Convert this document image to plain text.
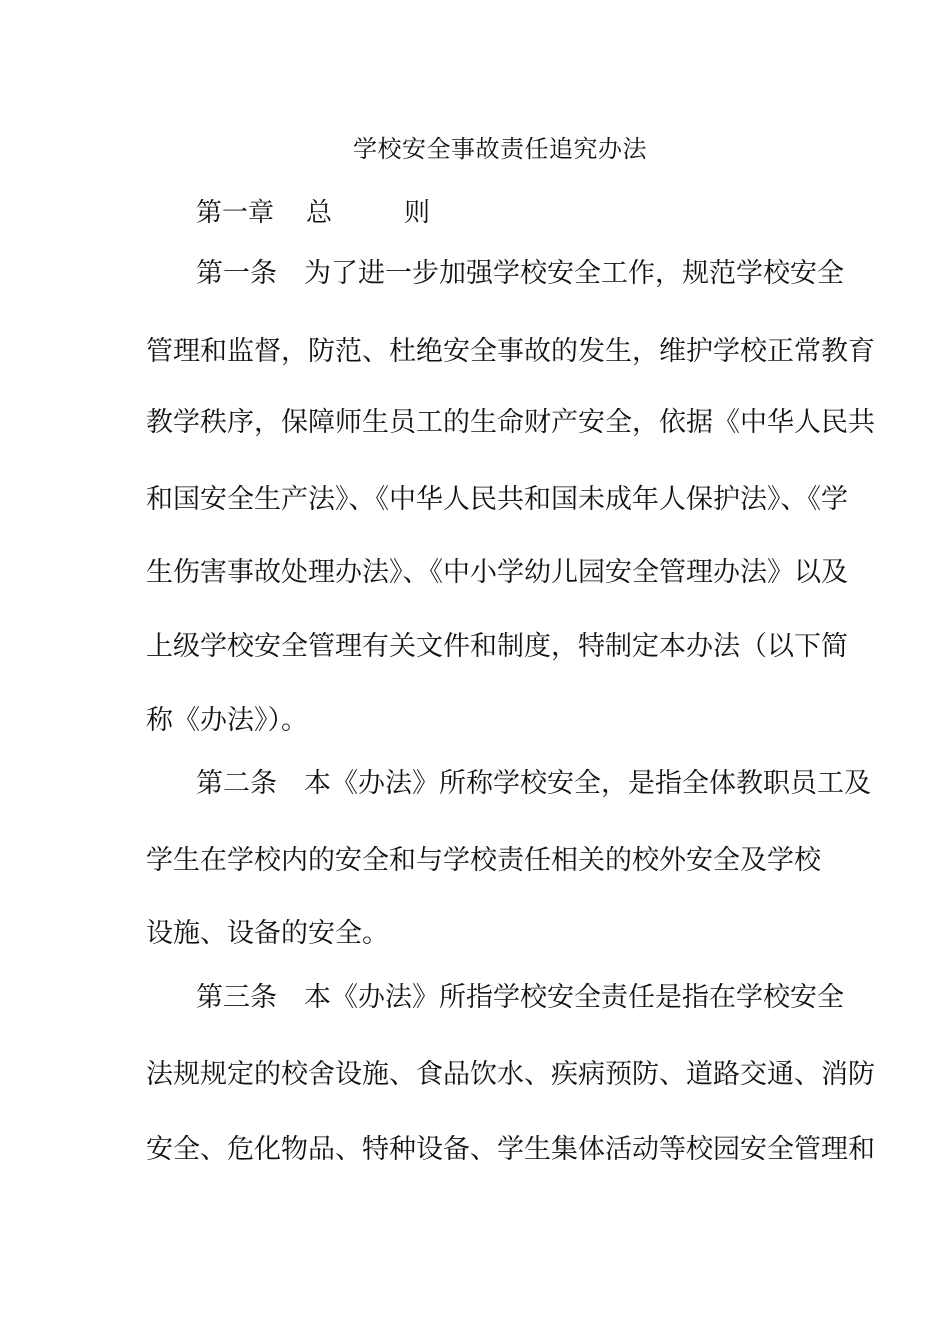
学校安全事故责任追究办法
第一章 总	则
第一条　为了进一步加强学校安全工作，规范学校安全
管理和监督，防范、杜绝安全事故的发生，维护学校正常教育
教学秩序，保障师生员工的生命财产安全，依据《中华人民共
和国安全生产法》、《中华人民共和国未成年人保护法》、《学
生伤害事故处理办法》、《中小学幼儿园安全管理办法》以及
上级学校安全管理有关文件和制度，特制定本办法（以下简
称《办法》）。
第二条　本《办法》所称学校安全，是指全体教职员工及
学生在学校内的安全和与学校责任相关的校外安全及学校
设施、设备的安全。
第三条　本《办法》所指学校安全责任是指在学校安全
法规规定的校舍设施、食品饮水、疾病预防、道路交通、消防
安全、危化物品、特种设备、学生集体活动等校园安全管理和
